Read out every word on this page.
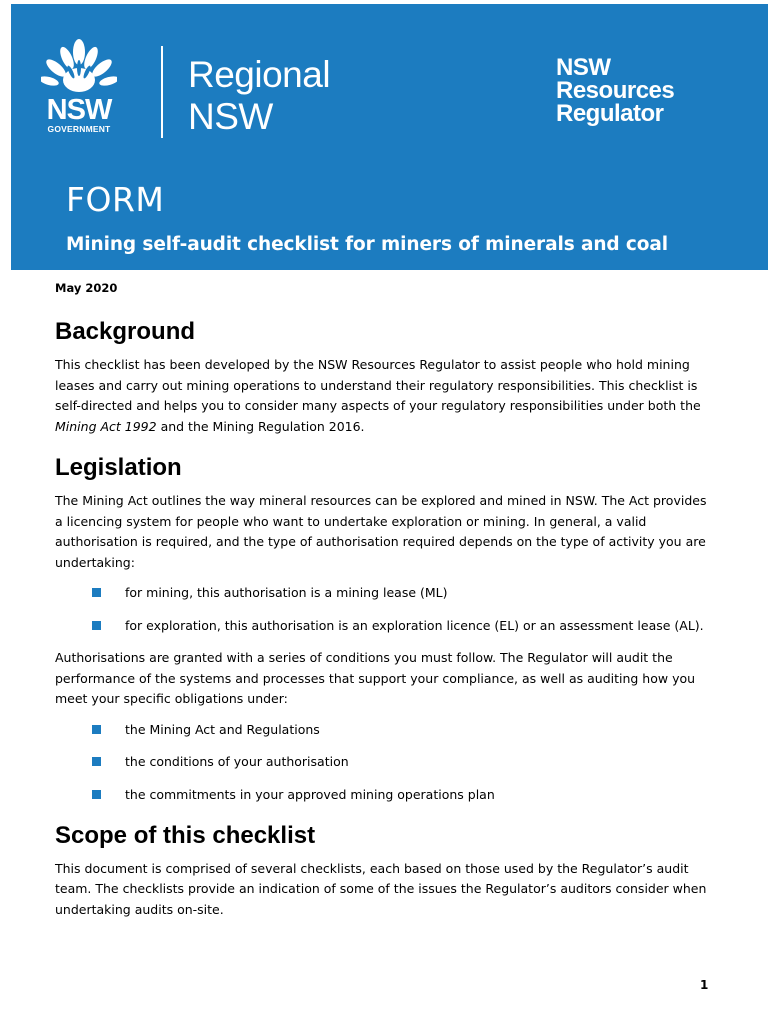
NSW
GOVERNMENT
Regional
NSW
NSW
Resources
Regulator
FORM
Mining self-audit checklist for miners of minerals and coal
May 2020
Background

This checklist has been developed by the NSW Resources Regulator to assist people who hold mining leases and carry out mining operations to understand their regulatory responsibilities. This checklist is self-directed and helps you to consider many aspects of your regulatory responsibilities under both the Mining Act 1992 and the Mining Regulation 2016.

Legislation

The Mining Act outlines the way mineral resources can be explored and mined in NSW. The Act provides a licencing system for people who want to undertake exploration or mining. In general, a valid authorisation is required, and the type of authorisation required depends on the type of activity you are undertaking:

for mining, this authorisation is a mining lease (ML)
for exploration, this authorisation is an exploration licence (EL) or an assessment lease (AL).

Authorisations are granted with a series of conditions you must follow. The Regulator will audit the performance of the systems and processes that support your compliance, as well as auditing how you meet your specific obligations under:

the Mining Act and Regulations
the conditions of your authorisation
the commitments in your approved mining operations plan
Scope of this checklist

This document is comprised of several checklists, each based on those used by the Regulator’s audit team. The checklists provide an indication of some of the issues the Regulator’s auditors consider when undertaking audits on-site.

1
